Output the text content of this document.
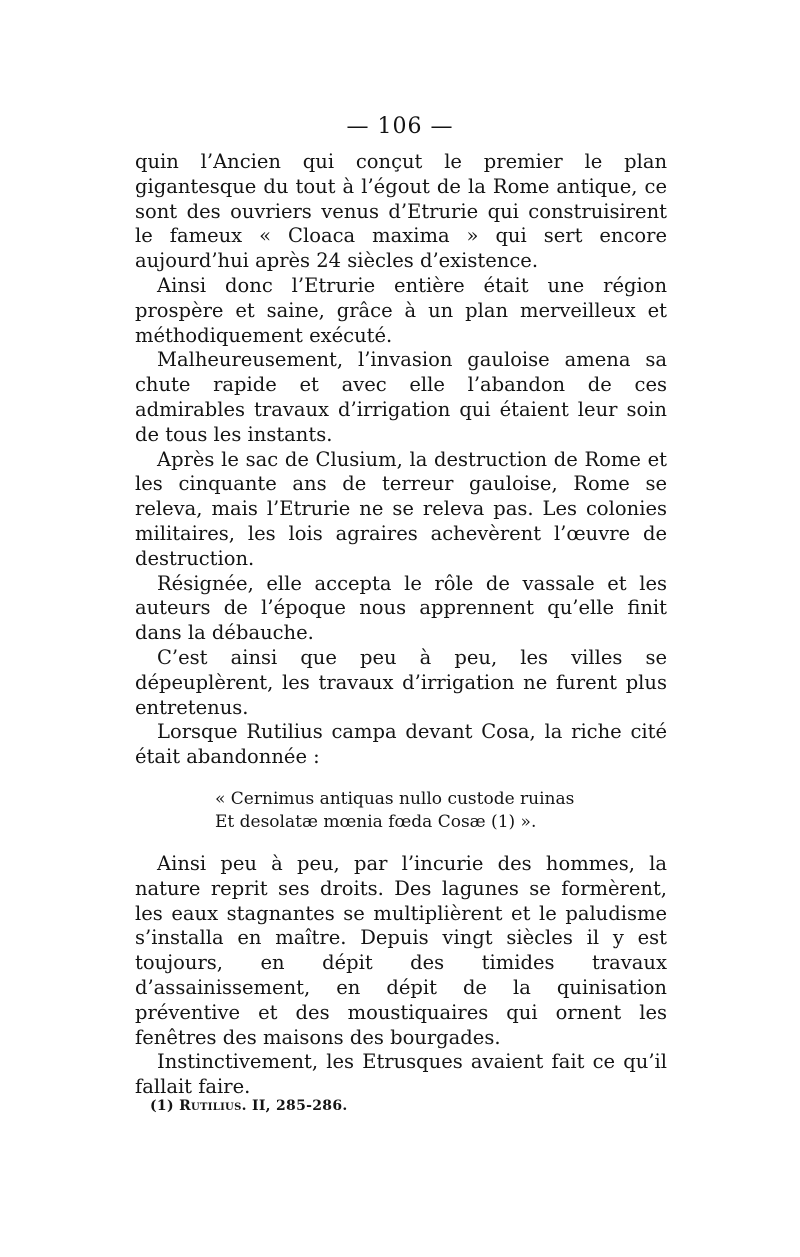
— 106 —

quin l’Ancien qui conçut le premier le plan gigantesque du tout à l’égout de la Rome antique, ce sont des ouvriers venus d’Etrurie qui construisirent le fameux « Cloaca maxima » qui sert encore aujourd’hui après 24 siècles d’existence.

Ainsi donc l’Etrurie entière était une région prospère et saine, grâce à un plan merveilleux et méthodiquement exécuté.

Malheureusement, l’invasion gauloise amena sa chute rapide et avec elle l’abandon de ces admirables travaux d’irrigation qui étaient leur soin de tous les instants.

Après le sac de Clusium, la destruction de Rome et les cinquante ans de terreur gauloise, Rome se releva, mais l’Etrurie ne se releva pas. Les colonies militaires, les lois agraires achevèrent l’œuvre de destruction.

Résignée, elle accepta le rôle de vassale et les auteurs de l’époque nous apprennent qu’elle finit dans la débauche.

C’est ainsi que peu à peu, les villes se dépeuplèrent, les travaux d’irrigation ne furent plus entretenus.

Lorsque Rutilius campa devant Cosa, la riche cité était abandonnée :

« Cernimus antiquas nullo custode ruinas
Et desolatæ mœnia fœda Cosæ (1) ».

Ainsi peu à peu, par l’incurie des hommes, la nature reprit ses droits. Des lagunes se formèrent, les eaux stagnantes se multiplièrent et le paludisme s’installa en maître. Depuis vingt siècles il y est toujours, en dépit des timides travaux d’assainissement, en dépit de la quinisation préventive et des moustiquaires qui ornent les fenêtres des maisons des bourgades.

Instinctivement, les Etrusques avaient fait ce qu’il fallait faire.

(1) Rutilius. II, 285-286.
